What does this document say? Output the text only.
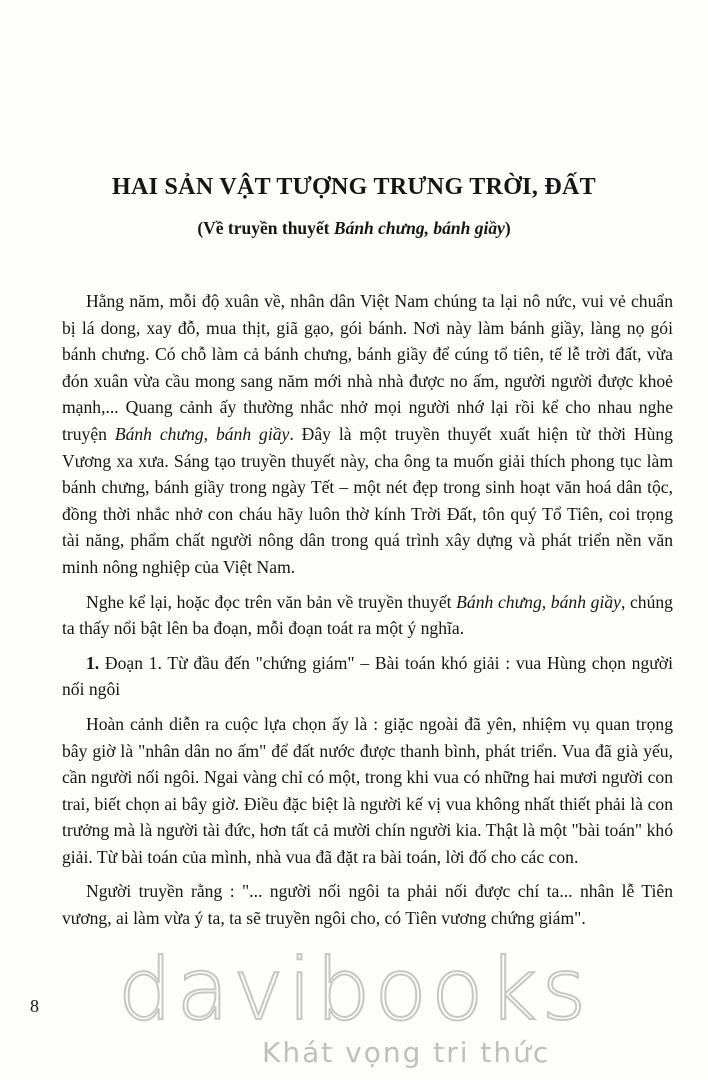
HAI SẢN VẬT TƯỢNG TRƯNG TRỜI, ĐẤT
(Về truyền thuyết Bánh chưng, bánh giầy)

Hằng năm, mỗi độ xuân về, nhân dân Việt Nam chúng ta lại nô nức, vui vẻ chuẩn bị lá dong, xay đỗ, mua thịt, giã gạo, gói bánh. Nơi này làm bánh giầy, làng nọ gói bánh chưng. Có chỗ làm cả bánh chưng, bánh giầy để cúng tổ tiên, tế lễ trời đất, vừa đón xuân vừa cầu mong sang năm mới nhà nhà được no ấm, người người được khoẻ mạnh,... Quang cảnh ấy thường nhắc nhở mọi người nhớ lại rồi kể cho nhau nghe truyện Bánh chưng, bánh giầy. Đây là một truyền thuyết xuất hiện từ thời Hùng Vương xa xưa. Sáng tạo truyền thuyết này, cha ông ta muốn giải thích phong tục làm bánh chưng, bánh giầy trong ngày Tết – một nét đẹp trong sinh hoạt văn hoá dân tộc, đồng thời nhắc nhở con cháu hãy luôn thờ kính Trời Đất, tôn quý Tổ Tiên, coi trọng tài năng, phẩm chất người nông dân trong quá trình xây dựng và phát triển nền văn minh nông nghiệp của Việt Nam.

Nghe kể lại, hoặc đọc trên văn bản về truyền thuyết Bánh chưng, bánh giầy, chúng ta thấy nổi bật lên ba đoạn, mỗi đoạn toát ra một ý nghĩa.

1. Đoạn 1. Từ đầu đến "chứng giám" – Bài toán khó giải : vua Hùng chọn người nối ngôi

Hoàn cảnh diễn ra cuộc lựa chọn ấy là : giặc ngoài đã yên, nhiệm vụ quan trọng bây giờ là "nhân dân no ấm" để đất nước được thanh bình, phát triển. Vua đã già yếu, cần người nối ngôi. Ngai vàng chỉ có một, trong khi vua có những hai mươi người con trai, biết chọn ai bây giờ. Điều đặc biệt là người kế vị vua không nhất thiết phải là con trưởng mà là người tài đức, hơn tất cả mười chín người kia. Thật là một "bài toán" khó giải. Từ bài toán của mình, nhà vua đã đặt ra bài toán, lời đố cho các con.

Người truyền rằng : "... người nối ngôi ta phải nối được chí ta... nhân lễ Tiên vương, ai làm vừa ý ta, ta sẽ truyền ngôi cho, có Tiên vương chứng giám".

8 davibooks
Khát vọng tri thức
